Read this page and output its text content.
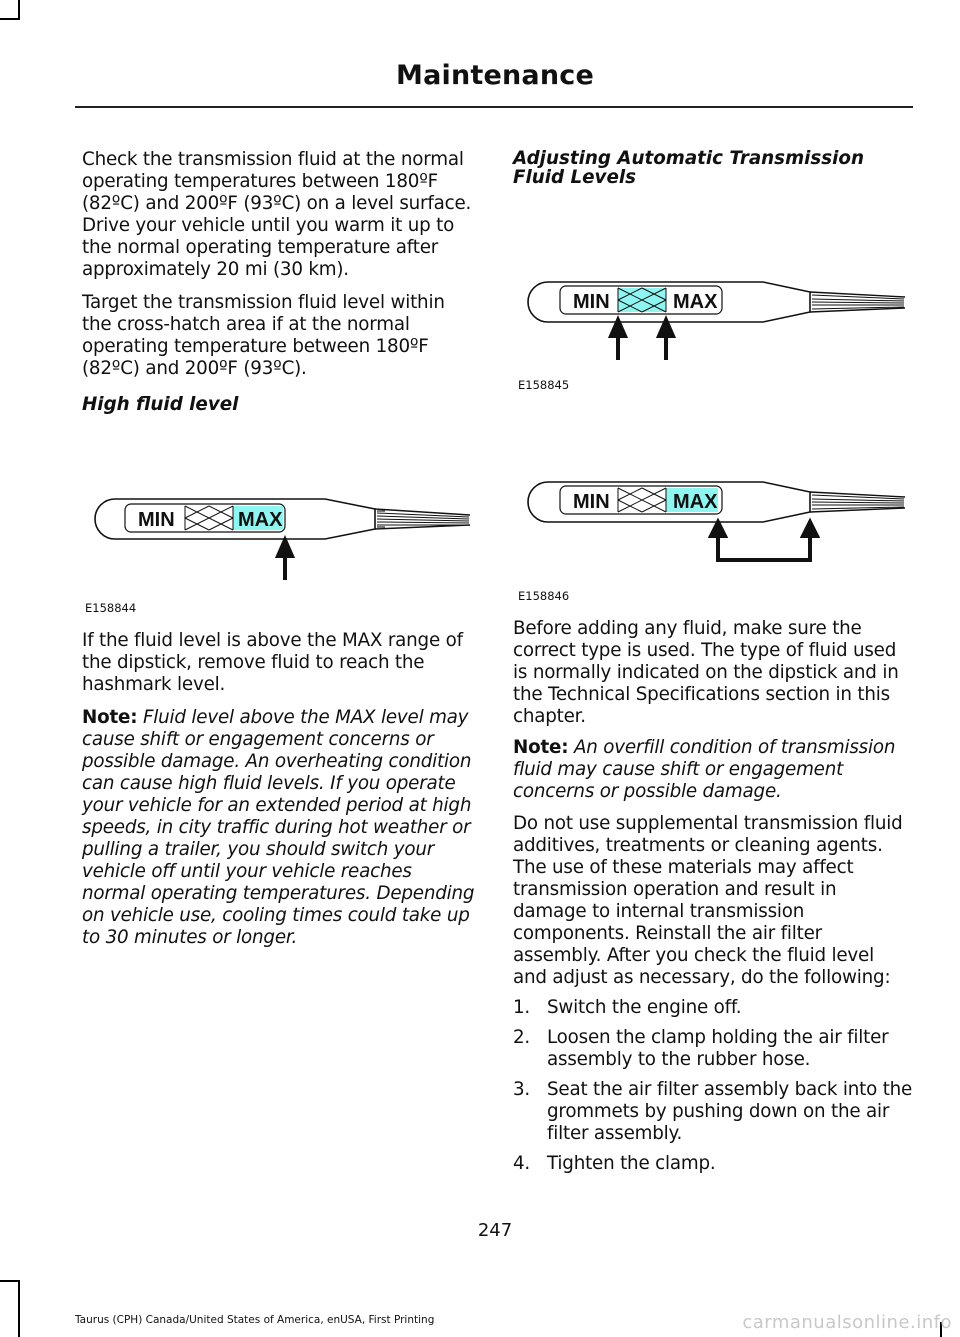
Maintenance

Check the transmission fluid at the normal operating temperatures between 180ºF (82ºC) and 200ºF (93ºC) on a level surface. Drive your vehicle until you warm it up to the normal operating temperature after approximately 20 mi (30 km).

Target the transmission fluid level within the cross-hatch area if at the normal operating temperature between 180ºF (82ºC) and 200ºF (93ºC).

High fluid level
MIN	MAX
E158844

If the fluid level is above the MAX range of the dipstick, remove fluid to reach the hashmark level.

Note: Fluid level above the MAX level may cause shift or engagement concerns or possible damage. An overheating condition can cause high fluid levels. If you operate your vehicle for an extended period at high speeds, in city traffic during hot weather or pulling a trailer, you should switch your vehicle off until your vehicle reaches normal operating temperatures. Depending on vehicle use, cooling times could take up to 30 minutes or longer.

Adjusting Automatic Transmission Fluid Levels
MIN	MAX
E158845
MIN	MAX
E158846

Before adding any fluid, make sure the correct type is used. The type of fluid used is normally indicated on the dipstick and in the Technical Specifications section in this chapter.

Note: An overfill condition of transmission fluid may cause shift or engagement concerns or possible damage.

Do not use supplemental transmission fluid additives, treatments or cleaning agents. The use of these materials may affect transmission operation and result in damage to internal transmission components. Reinstall the air filter assembly. After you check the fluid level and adjust as necessary, do the following:

1. Switch the engine off.
2. Loosen the clamp holding the air filter assembly to the rubber hose.
3. Seat the air filter assembly back into the grommets by pushing down on the air filter assembly.
4. Tighten the clamp.
247
Taurus (CPH) Canada/United States of America, enUSA, First Printing	carmanualsonline.info
